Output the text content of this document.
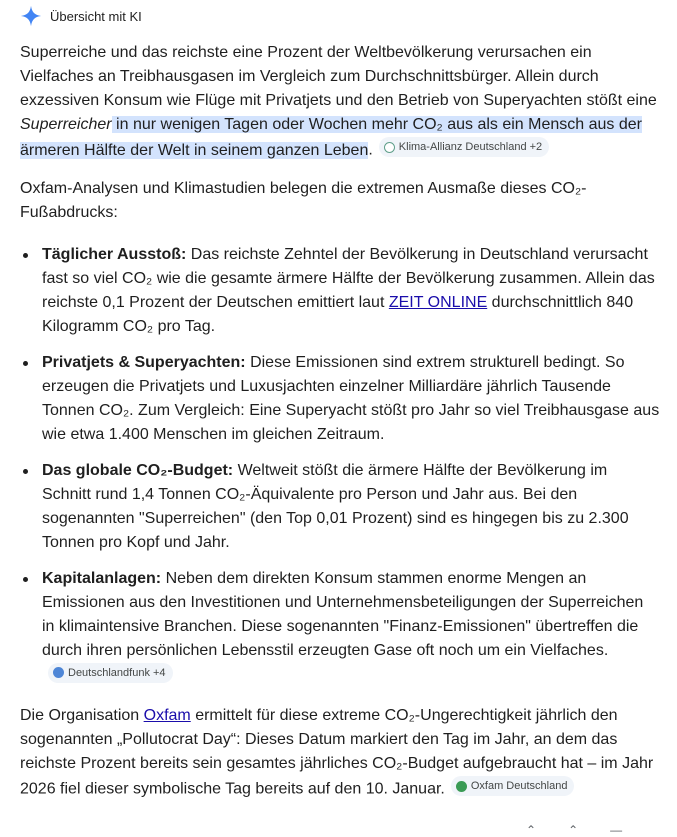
Übersicht mit KI

Superreiche und das reichste eine Prozent der Weltbevölkerung verursachen ein Vielfaches an Treibhausgasen im Vergleich zum Durchschnittsbürger. Allein durch exzessiven Konsum wie Flüge mit Privatjets und den Betrieb von Superyachten stößt eine Superreicher in nur wenigen Tagen oder Wochen mehr CO₂ aus als ein Mensch aus der ärmeren Hälfte der Welt in seinem ganzen Leben. Klima-Allianz Deutschland +2

Oxfam-Analysen und Klimastudien belegen die extremen Ausmaße dieses CO₂-Fußabdrucks:

Täglicher Ausstoß: Das reichste Zehntel der Bevölkerung in Deutschland verursacht fast so viel CO₂ wie die gesamte ärmere Hälfte der Bevölkerung zusammen. Allein das reichste 0,1 Prozent der Deutschen emittiert laut ZEIT ONLINE durchschnittlich 840 Kilogramm CO₂ pro Tag.
Privatjets & Superyachten: Diese Emissionen sind extrem strukturell bedingt. So erzeugen die Privatjets und Luxusjachten einzelner Milliardäre jährlich Tausende Tonnen CO₂. Zum Vergleich: Eine Superyacht stößt pro Jahr so viel Treibhausgase aus wie etwa 1.400 Menschen im gleichen Zeitraum.
Das globale CO₂-Budget: Weltweit stößt die ärmere Hälfte der Bevölkerung im Schnitt rund 1,4 Tonnen CO₂-Äquivalente pro Person und Jahr aus. Bei den sogenannten "Superreichen" (den Top 0,01 Prozent) sind es hingegen bis zu 2.300 Tonnen pro Kopf und Jahr.
Kapitalanlagen: Neben dem direkten Konsum stammen enorme Mengen an Emissionen aus den Investitionen und Unternehmensbeteiligungen der Superreichen in klimaintensive Branchen. Diese sogenannten "Finanz-Emissionen" übertreffen die durch ihren persönlichen Lebensstil erzeugten Gase oft noch um ein Vielfaches.
Deutschlandfunk +4

Die Organisation Oxfam ermittelt für diese extreme CO₂-Ungerechtigkeit jährlich den sogenannten „Pollutocrat Day“: Dieses Datum markiert den Tag im Jahr, an dem das reichste Prozent bereits sein gesamtes jährliches CO₂-Budget aufgebraucht hat – im Jahr 2026 fiel dieser symbolische Tag bereits auf den 10. Januar. Oxfam Deutschland

⌃	⌃	—
